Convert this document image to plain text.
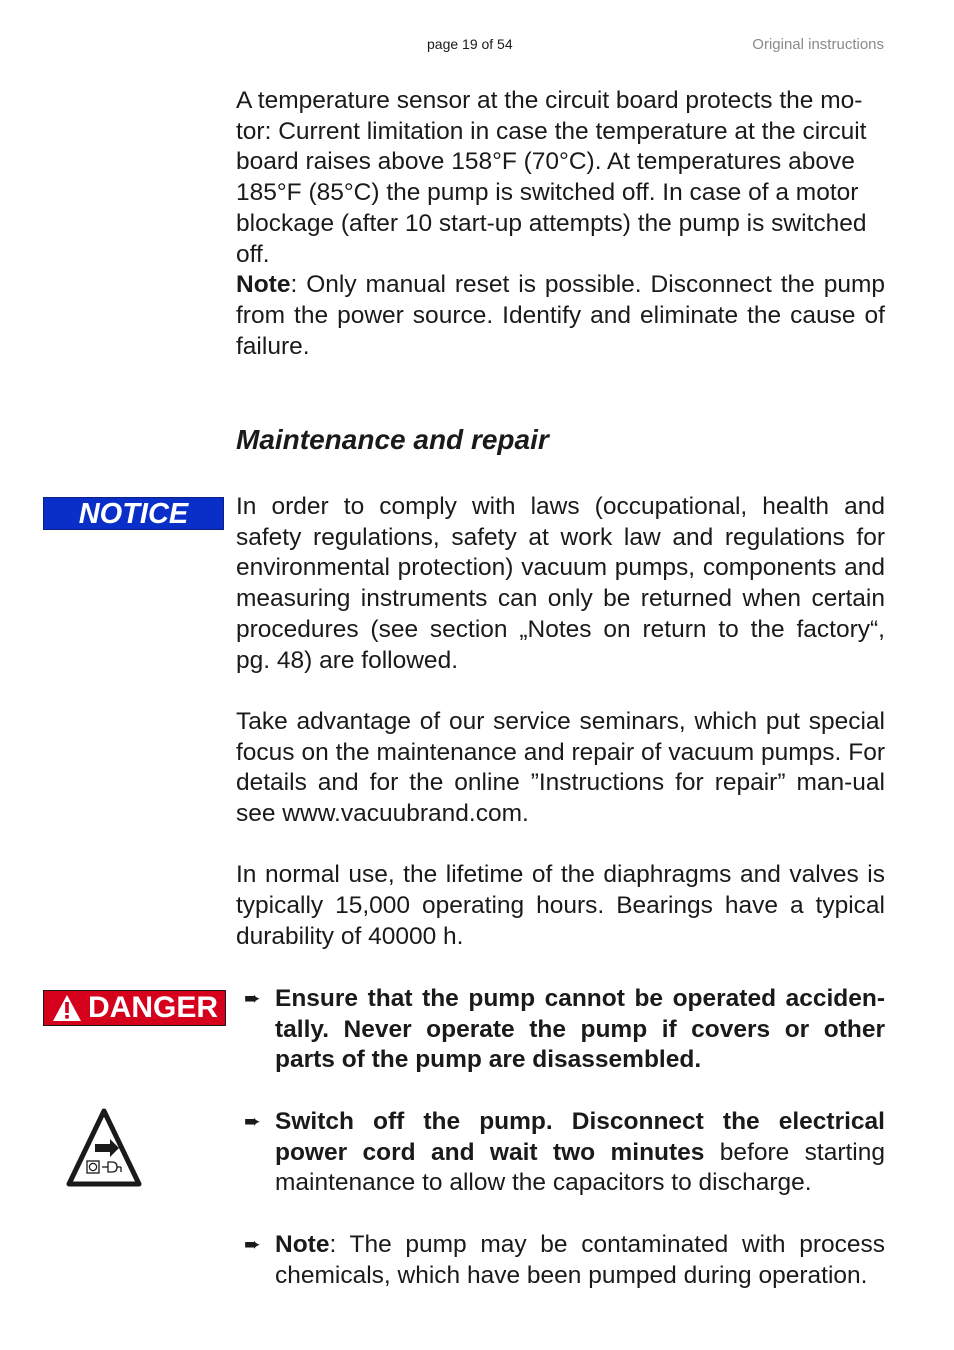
page 19 of 54	Original instructions

A temperature sensor at the circuit board protects the mo-
tor: Current limitation in case the temperature at the circuit
board raises above 158°F (70°C). At temperatures above
185°F (85°C) the pump is switched off. In case of a motor
blockage (after 10 start-up attempts) the pump is switched
off.

Note: Only manual reset is possible. Disconnect the pump from the power source. Identify and eliminate the cause of failure.

Maintenance and repair
NOTICE	In order to comply with laws (occupational, health and safety regulations, safety at work law and regulations for environmental protection) vacuum pumps, components and measuring instruments can only be returned when certain procedures (see section „Notes on return to the factory“, pg. 48) are followed.

Take advantage of our service seminars, which put special focus on the maintenance and repair of vacuum pumps. For details and for the online ”Instructions for repair” man-ual see www.vacuubrand.com.

In normal use, the lifetime of the diaphragms and valves is typically 15,000 operating hours. Bearings have a typical durability of 40000 h.

DANGER ➨ Ensure that the pump cannot be operated acciden-tally. Never operate the pump if covers or other parts of the pump are disassembled.
➨ Switch off the pump. Disconnect the electrical power cord and wait two minutes before starting maintenance to allow the capacitors to discharge.
➨ Note: The pump may be contaminated with process chemicals, which have been pumped during operation.
